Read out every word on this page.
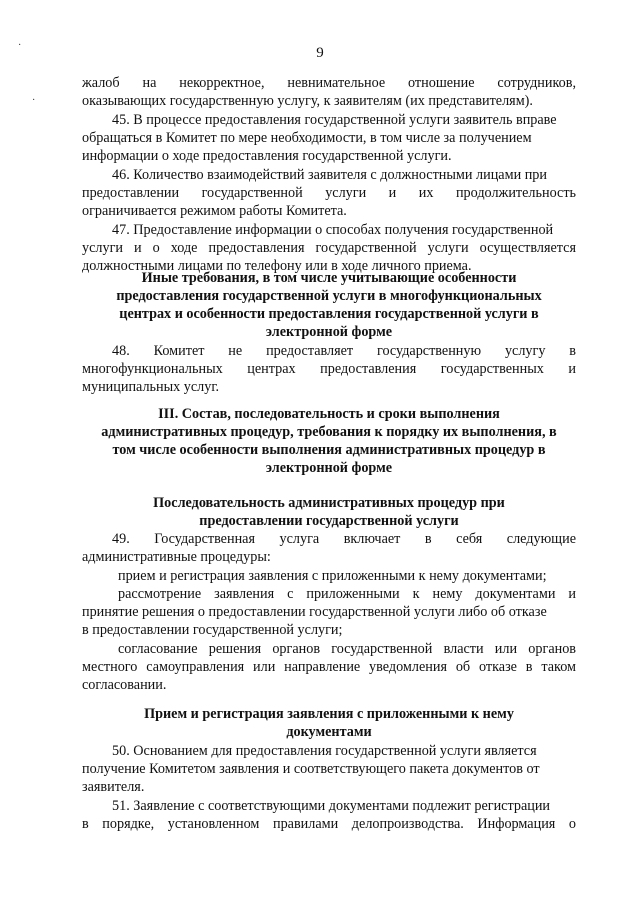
9
·
·
жалоб на некорректное, невнимательное отношение сотрудников,
оказывающих государственную услугу, к заявителям (их представителям).
45. В процессе предоставления государственной услуги заявитель вправе
обращаться в Комитет по мере необходимости, в том числе за получением
информации о ходе предоставления государственной услуги.
46. Количество взаимодействий заявителя с должностными лицами при
предоставлении государственной услуги и их продолжительность
ограничивается режимом работы Комитета.
47. Предоставление информации о способах получения государственной
услуги и о ходе предоставления государственной услуги осуществляется
должностными лицами по телефону или в ходе личного приема.
Иные требования, в том числе учитывающие особенности
предоставления государственной услуги в многофункциональных
центрах и особенности предоставления государственной услуги в
электронной форме
48. Комитет не предоставляет государственную услугу в
многофункциональных центрах предоставления государственных и
муниципальных услуг.
III. Состав, последовательность и сроки выполнения
административных процедур, требования к порядку их выполнения, в
том числе особенности выполнения административных процедур в
электронной форме
Последовательность административных процедур при
предоставлении государственной услуги
49. Государственная услуга включает в себя следующие
административные процедуры:
прием и регистрация заявления с приложенными к нему документами;
рассмотрение заявления с приложенными к нему документами и
принятие решения о предоставлении государственной услуги либо об отказе
в предоставлении государственной услуги;
согласование решения органов государственной власти или органов
местного самоуправления или направление уведомления об отказе в таком
согласовании.
Прием и регистрация заявления с приложенными к нему
документами
50. Основанием для предоставления государственной услуги является
получение Комитетом заявления и соответствующего пакета документов от
заявителя.
51. Заявление с соответствующими документами подлежит регистрации
в порядке, установленном правилами делопроизводства. Информация о
